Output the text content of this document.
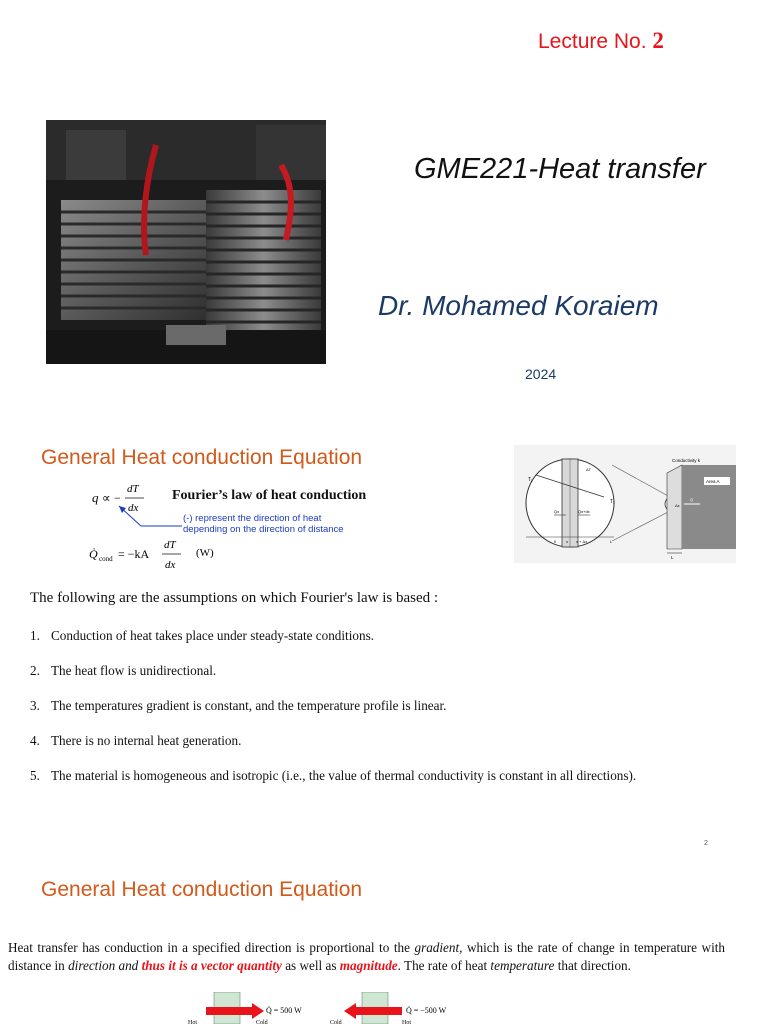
Lecture No. 2
GME221-Heat transfer
Dr. Mohamed Koraiem
2024
General Heat conduction Equation
q ∝ −
dT
dx
Q̇ cond = −kA
dT
dx
(W)
Fourier’s law of heat conduction
(-) represent the direction of heat
depending on the direction of distance
T₁
T₂
ΔT
Q̇x	Q̇x+dx
0 x x + Δx	L
Area A
Conductivity k
Q̇
Δx
L
The following are the assumptions on which Fourier's law is based :
1. Conduction of heat takes place under steady-state conditions.
2. The heat flow is unidirectional.
3. The temperatures gradient is constant, and the temperature profile is linear.
4. There is no internal heat generation.
5. The material is homogeneous and isotropic (i.e., the value of thermal conductivity is constant in all directions).
2
General Heat conduction Equation
Heat transfer has conduction in a specified direction is proportional to the gradient, which is the rate of change in temperature with distance in direction and thus it is a vector quantity as well as magnitude. The rate of heat temperature that direction.
Q̇ = 500 W
Hot	Cold
Q̇ = −500 W
Cold	Hot
